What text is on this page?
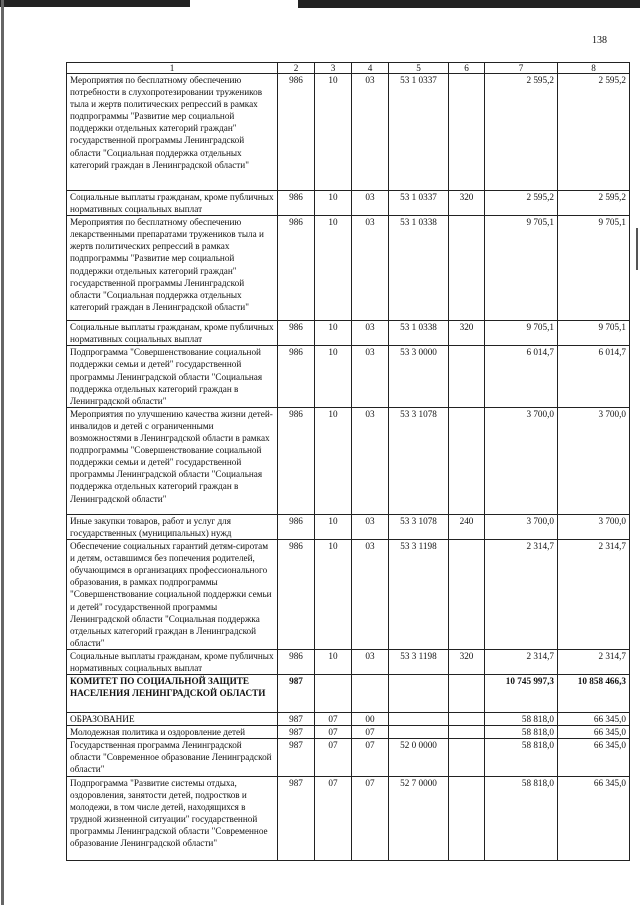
138
1	2	3	4	5	6	7	8
Мероприятия по бесплатному обеспечению потребности в слухопротезировании тружеников тыла и жертв политических репрессий в рамках подпрограммы "Развитие мер социальной поддержки отдельных категорий граждан" государственной программы Ленинградской области "Социальная поддержка отдельных категорий граждан в Ленинградской области"	986	10	03	53 1 0337		2 595,2	2 595,2
Социальные выплаты гражданам, кроме публичных нормативных социальных выплат	986	10	03	53 1 0337	320	2 595,2	2 595,2
Мероприятия по бесплатному обеспечению лекарственными препаратами тружеников тыла и жертв политических репрессий в рамках подпрограммы "Развитие мер социальной поддержки отдельных категорий граждан" государственной программы Ленинградской области "Социальная поддержка отдельных категорий граждан в Ленинградской области"	986	10	03	53 1 0338		9 705,1	9 705,1
Социальные выплаты гражданам, кроме публичных нормативных социальных выплат	986	10	03	53 1 0338	320	9 705,1	9 705,1
Подпрограмма "Совершенствование социальной поддержки семьи и детей" государственной программы Ленинградской области "Социальная поддержка отдельных категорий граждан в Ленинградской области"	986	10	03	53 3 0000		6 014,7	6 014,7
Мероприятия по улучшению качества жизни детей-инвалидов и детей с ограниченными возможностями в Ленинградской области в рамках подпрограммы "Совершенствование социальной поддержки семьи и детей" государственной программы Ленинградской области "Социальная поддержка отдельных категорий граждан в Ленинградской области"	986	10	03	53 3 1078		3 700,0	3 700,0
Иные закупки товаров, работ и услуг для государственных (муниципальных) нужд	986	10	03	53 3 1078	240	3 700,0	3 700,0
Обеспечение социальных гарантий детям-сиротам и детям, оставшимся без попечения родителей, обучающимся в организациях профессионального образования, в рамках подпрограммы "Совершенствование социальной поддержки семьи и детей" государственной программы Ленинградской области "Социальная поддержка отдельных категорий граждан в Ленинградской области"	986	10	03	53 3 1198		2 314,7	2 314,7
Социальные выплаты гражданам, кроме публичных нормативных социальных выплат	986	10	03	53 3 1198	320	2 314,7	2 314,7
КОМИТЕТ ПО СОЦИАЛЬНОЙ ЗАЩИТЕ НАСЕЛЕНИЯ ЛЕНИНГРАДСКОЙ ОБЛАСТИ	987					10 745 997,3	10 858 466,3
ОБРАЗОВАНИЕ	987	07	00			58 818,0	66 345,0
Молодежная политика и оздоровление детей	987	07	07			58 818,0	66 345,0
Государственная программа Ленинградской области "Современное образование Ленинградской области"	987	07	07	52 0 0000		58 818,0	66 345,0
Подпрограмма "Развитие системы отдыха, оздоровления, занятости детей, подростков и молодежи, в том числе детей, находящихся в трудной жизненной ситуации" государственной программы Ленинградской области "Современное образование Ленинградской области"	987	07	07	52 7 0000		58 818,0	66 345,0
